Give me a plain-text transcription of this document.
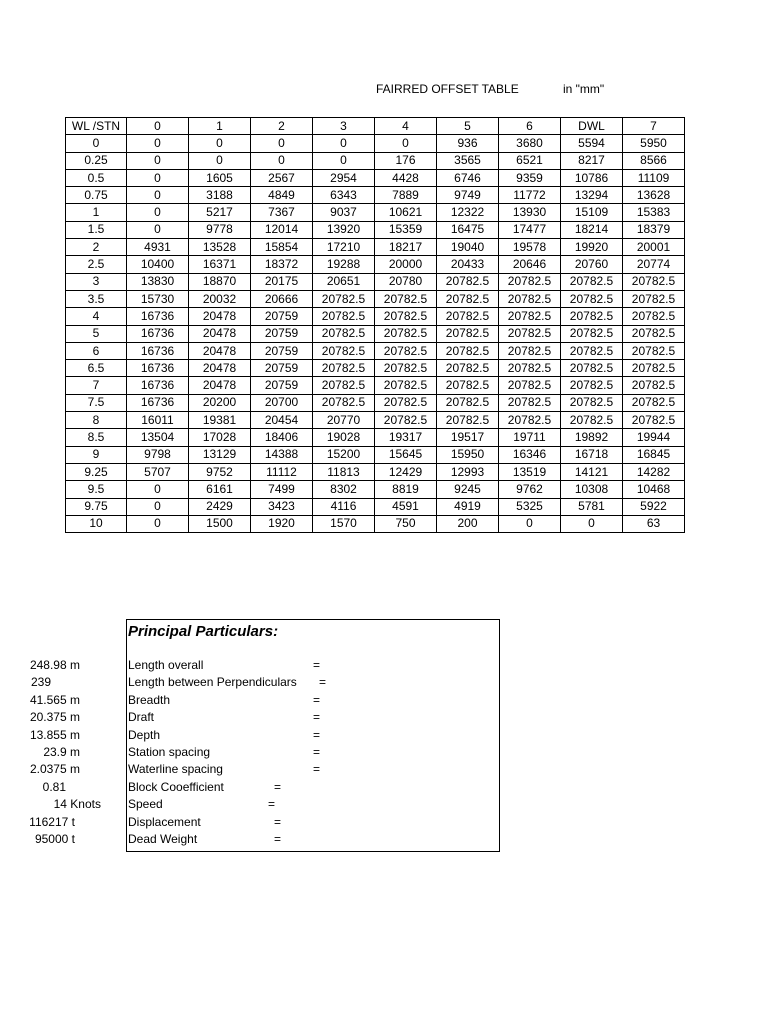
FAIRRED OFFSET TABLE	in "mm"
WL /STN	0	1	2	3	4	5	6	DWL	7
0	0	0	0	0	0	936	3680	5594	5950
0.25	0	0	0	0	176	3565	6521	8217	8566
0.5	0	1605	2567	2954	4428	6746	9359	10786	11109
0.75	0	3188	4849	6343	7889	9749	11772	13294	13628
1	0	5217	7367	9037	10621	12322	13930	15109	15383
1.5	0	9778	12014	13920	15359	16475	17477	18214	18379
2	4931	13528	15854	17210	18217	19040	19578	19920	20001
2.5	10400	16371	18372	19288	20000	20433	20646	20760	20774
3	13830	18870	20175	20651	20780	20782.5	20782.5	20782.5	20782.5
3.5	15730	20032	20666	20782.5	20782.5	20782.5	20782.5	20782.5	20782.5
4	16736	20478	20759	20782.5	20782.5	20782.5	20782.5	20782.5	20782.5
5	16736	20478	20759	20782.5	20782.5	20782.5	20782.5	20782.5	20782.5
6	16736	20478	20759	20782.5	20782.5	20782.5	20782.5	20782.5	20782.5
6.5	16736	20478	20759	20782.5	20782.5	20782.5	20782.5	20782.5	20782.5
7	16736	20478	20759	20782.5	20782.5	20782.5	20782.5	20782.5	20782.5
7.5	16736	20200	20700	20782.5	20782.5	20782.5	20782.5	20782.5	20782.5
8	16011	19381	20454	20770	20782.5	20782.5	20782.5	20782.5	20782.5
8.5	13504	17028	18406	19028	19317	19517	19711	19892	19944
9	9798	13129	14388	15200	15645	15950	16346	16718	16845
9.25	5707	9752	11112	11813	12429	12993	13519	14121	14282
9.5	0	6161	7499	8302	8819	9245	9762	10308	10468
9.75	0	2429	3423	4116	4591	4919	5325	5781	5922
10	0	1500	1920	1570	750	200	0	0	63
Principal Particulars:
Length overall	=
248.98 m
Length between Perpendiculars =
239
Breadth	=
41.565 m
Draft	=
20.375 m
Depth	=
13.855 m
Station spacing	=
23.9 m
Waterline spacing	=
2.0375 m
Block Cooefficient	=
0.81
Speed	=
14 Knots
Displacement	=
116217 t
Dead Weight	=
95000 t
